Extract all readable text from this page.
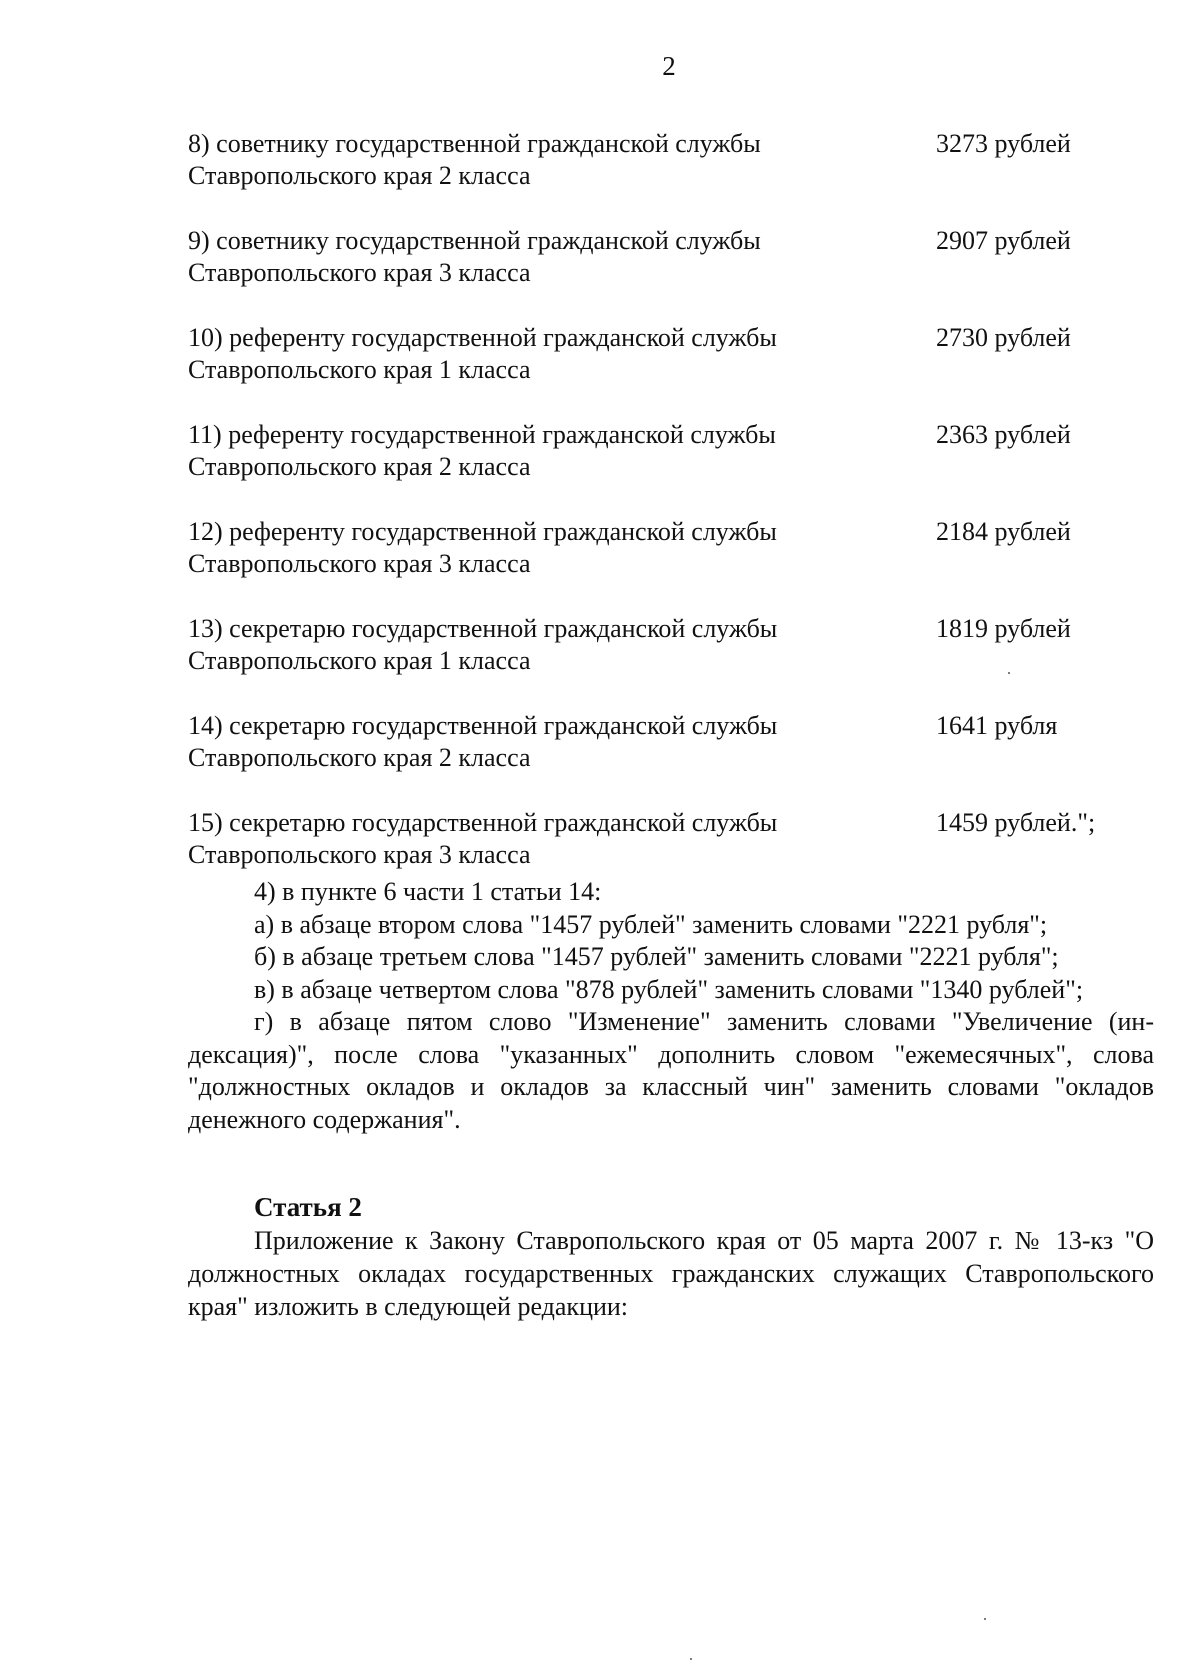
2
8) советнику государственной гражданской службы
Ставропольского края 2 класса
3273 рублей
9) советнику государственной гражданской службы
Ставропольского края 3 класса
2907 рублей
10) референту государственной гражданской службы
Ставропольского края 1 класса
2730 рублей
11) референту государственной гражданской службы
Ставропольского края 2 класса
2363 рублей
12) референту государственной гражданской службы
Ставропольского края 3 класса
2184 рублей
13) секретарю государственной гражданской службы
Ставропольского края 1 класса
1819 рублей
14) секретарю государственной гражданской службы
Ставропольского края 2 класса
1641 рубля
15) секретарю государственной гражданской службы
Ставропольского края 3 класса
1459 рублей.";

4) в пункте 6 части 1 статьи 14:

а) в абзаце втором слова "1457 рублей" заменить словами "2221 рубля";

б) в абзаце третьем слова "1457 рублей" заменить словами "2221 рубля";

в) в абзаце четвертом слова "878 рублей" заменить словами "1340 рублей";

г) в абзаце пятом слово "Изменение" заменить словами "Увеличение (индексация)", после слова "указанных" дополнить словом "ежемесячных", слова "должностных окладов и окладов за классный чин" заменить словами "окладов денежного содержания".

Статья 2

Приложение к Закону Ставропольского края от 05 марта 2007 г. № 13-кз "О должностных окладах государственных гражданских служащих Ставропольского края" изложить в следующей редакции:
